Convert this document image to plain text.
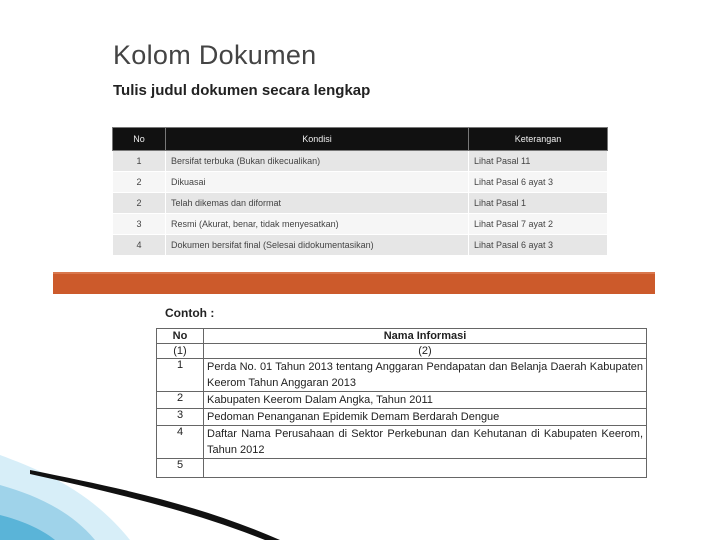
Kolom Dokumen
Tulis judul dokumen secara lengkap
No	Kondisi	Keterangan
1	Bersifat terbuka (Bukan dikecualikan)	Lihat Pasal 11
2	Dikuasai	Lihat Pasal 6 ayat 3
2	Telah dikemas dan diformat	Lihat Pasal 1
3	Resmi (Akurat, benar, tidak menyesatkan)	Lihat Pasal 7 ayat 2
4	Dokumen bersifat final (Selesai didokumentasikan)	Lihat Pasal 6 ayat 3
Contoh :
No	Nama Informasi
(1)	(2)
1	Perda No. 01 Tahun 2013 tentang Anggaran Pendapatan dan Belanja Daerah Kabupaten Keerom Tahun Anggaran 2013
2	Kabupaten Keerom Dalam Angka, Tahun 2011
3	Pedoman Penanganan Epidemik Demam Berdarah Dengue
4	Daftar Nama Perusahaan di Sektor Perkebunan dan Kehutanan di Kabupaten Keerom, Tahun 2012
5	
